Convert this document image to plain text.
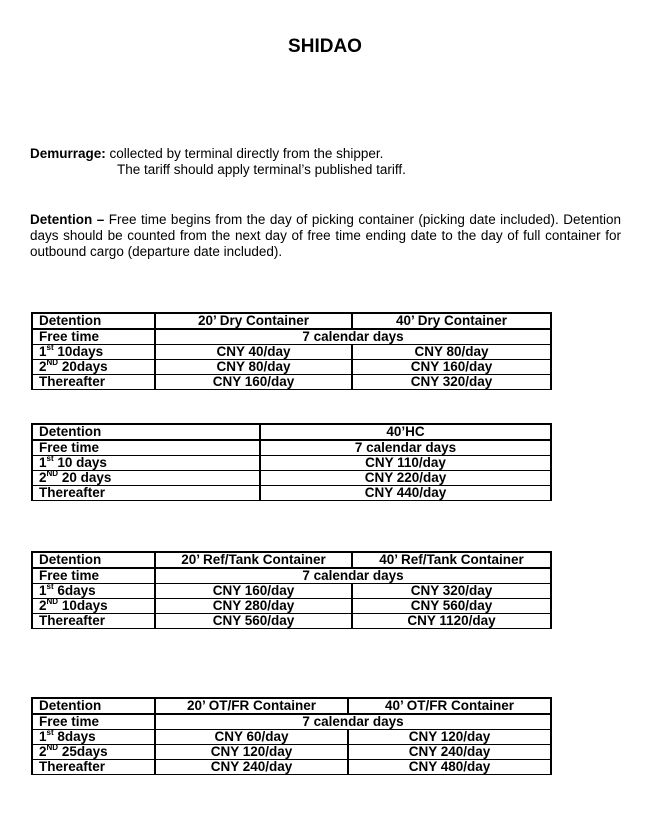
SHIDAO
Demurrage: collected by terminal directly from the shipper.
The tariff should apply terminal’s published tariff.
Detention – Free time begins from the day of picking container (picking date included). Detention days should be counted from the next day of free time ending date to the day of full container for outbound cargo (departure date included).
Detention	20’ Dry Container	40’ Dry Container
Free time	7 calendar days	
1st 10days	CNY 40/day	CNY 80/day
2ND 20days	CNY 80/day	CNY 160/day
Thereafter	CNY 160/day	CNY 320/day
Detention	40’HC
Free time	7 calendar days
1st 10 days	CNY 110/day
2ND 20 days	CNY 220/day
Thereafter	CNY 440/day
Detention	20’ Ref/Tank Container	40’ Ref/Tank Container
Free time	7 calendar days	
1st 6days	CNY 160/day	CNY 320/day
2ND 10days	CNY 280/day	CNY 560/day
Thereafter	CNY 560/day	CNY 1120/day
Detention	20’ OT/FR Container	40’ OT/FR Container
Free time	7 calendar days	
1st 8days	CNY 60/day	CNY 120/day
2ND 25days	CNY 120/day	CNY 240/day
Thereafter	CNY 240/day	CNY 480/day
